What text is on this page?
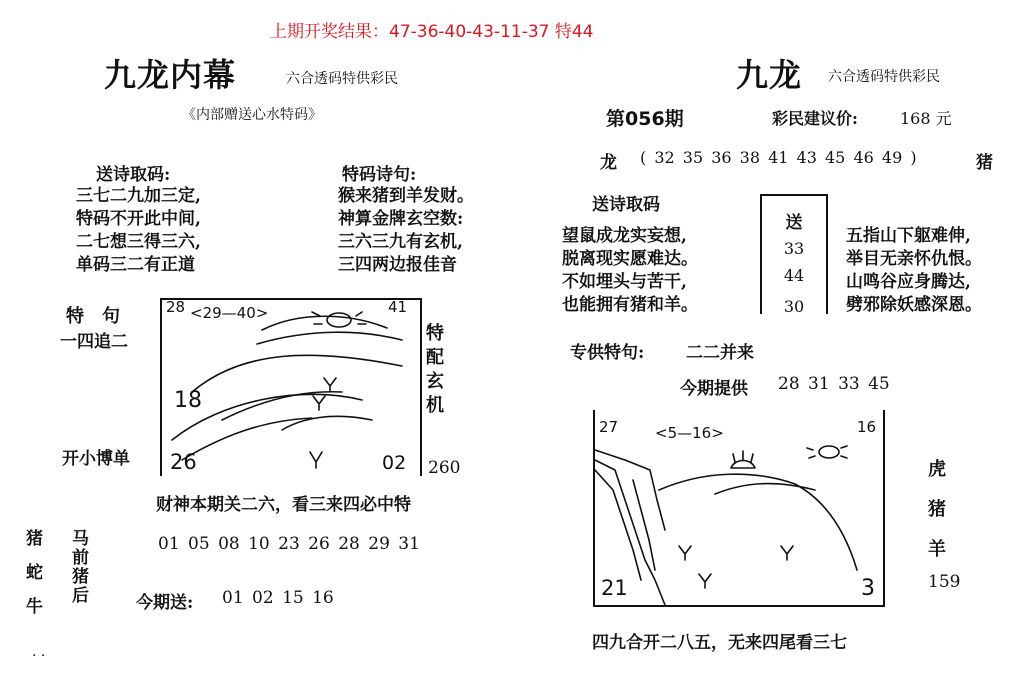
上期开奖结果：47-36-40-43-11-37 特44
九龙内幕	六合透码特供彩民
《内部赠送心水特码》
送诗取码:
三七二九加三定,
特码不开此中间,
二七想三得三六,
单码三二有正道
特码诗句:
猴来猪到羊发财。
神算金牌玄空数:
三六三九有玄机,
三四两边报佳音
特　句
一四追二
开小博单
28 <29—40>	41
18
26	02
特
配
玄
机
260
财神本期关二六，看三来四必中特
猪
蛇
牛
马
前
猪
后
01 05 08 10 23 26 28 29 31
今期送: 01 02 15 16
. .
九龙 六合透码特供彩民
第056期	彩民建议价:	168 元
龙 ( 32 35 36 38 41 43 45 46 49 )	猪
送诗取码
望鼠成龙实妄想,
脱离现实愿难达。
不如埋头与苦干,
也能拥有猪和羊。
送
33
44
30
五指山下躯难伸,
举目无亲怀仇恨。
山鸣谷应身腾达,
劈邪除妖感深恩。
专供特句: 二二并来
今期提供 28 31 33 45
27 <5—16>	16
21	3
虎
猪
羊
159
四九合开二八五，无来四尾看三七
